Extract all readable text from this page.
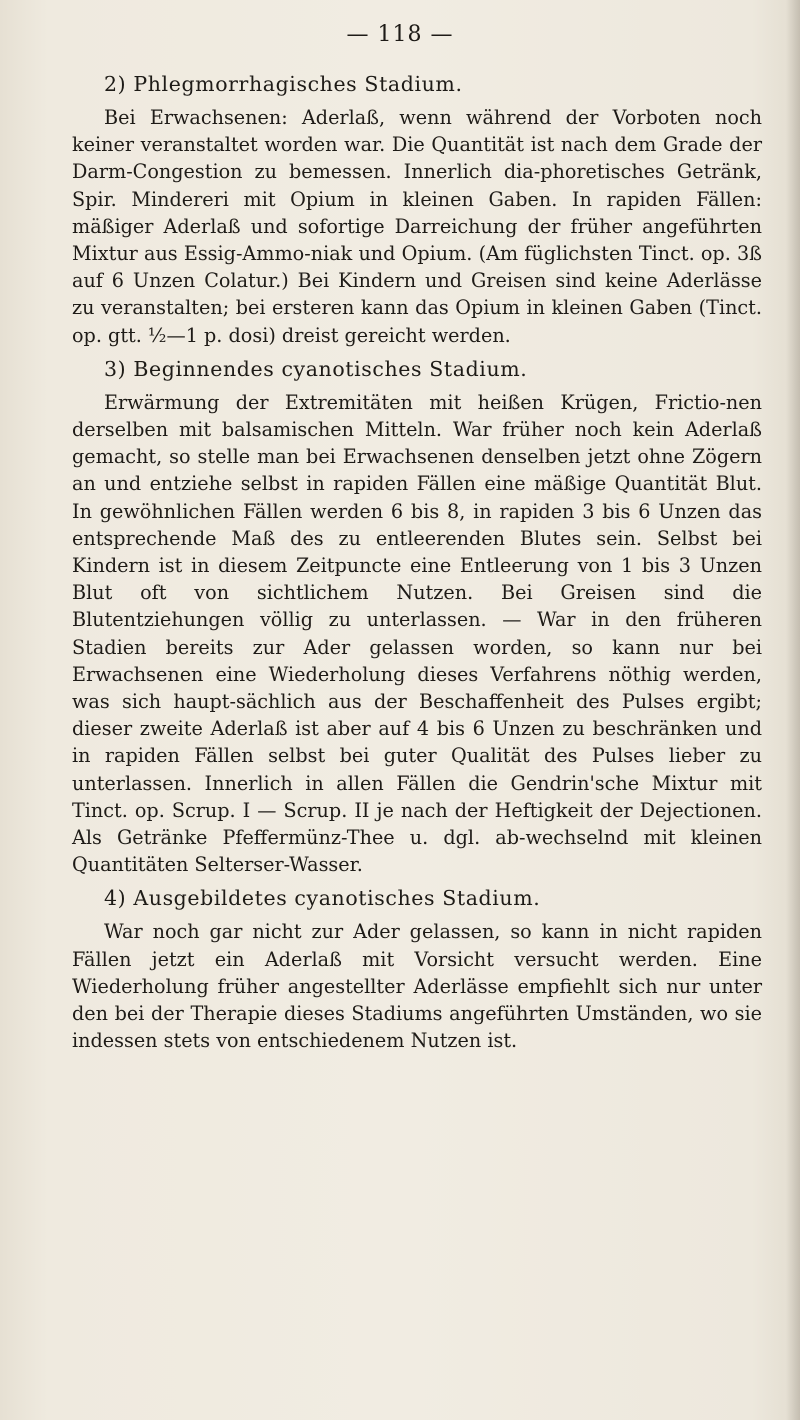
— 118 —
2) Phlegmorrhagisches Stadium.

Bei Erwachsenen: Aderlaß, wenn während der Vorboten noch keiner veranstaltet worden war. Die Quantität ist nach dem Grade der Darm-Congestion zu bemessen. Innerlich dia-phoretisches Getränk, Spir. Mindereri mit Opium in kleinen Gaben. In rapiden Fällen: mäßiger Aderlaß und sofortige Darreichung der früher angeführten Mixtur aus Essig-Ammo-niak und Opium. (Am füglichsten Tinct. op. 3ß auf 6 Unzen Colatur.) Bei Kindern und Greisen sind keine Aderlässe zu veranstalten; bei ersteren kann das Opium in kleinen Gaben (Tinct. op. gtt. ½—1 p. dosi) dreist gereicht werden.

3) Beginnendes cyanotisches Stadium.

Erwärmung der Extremitäten mit heißen Krügen, Frictio-nen derselben mit balsamischen Mitteln. War früher noch kein Aderlaß gemacht, so stelle man bei Erwachsenen denselben jetzt ohne Zögern an und entziehe selbst in rapiden Fällen eine mäßige Quantität Blut. In gewöhnlichen Fällen werden 6 bis 8, in rapiden 3 bis 6 Unzen das entsprechende Maß des zu entleerenden Blutes sein. Selbst bei Kindern ist in diesem Zeitpuncte eine Entleerung von 1 bis 3 Unzen Blut oft von sichtlichem Nutzen. Bei Greisen sind die Blutentziehungen völlig zu unterlassen. — War in den früheren Stadien bereits zur Ader gelassen worden, so kann nur bei Erwachsenen eine Wiederholung dieses Verfahrens nöthig werden, was sich haupt-sächlich aus der Beschaffenheit des Pulses ergibt; dieser zweite Aderlaß ist aber auf 4 bis 6 Unzen zu beschränken und in rapiden Fällen selbst bei guter Qualität des Pulses lieber zu unterlassen. Innerlich in allen Fällen die Gendrin'sche Mixtur mit Tinct. op. Scrup. I — Scrup. II je nach der Heftigkeit der Dejectionen. Als Getränke Pfeffermünz-Thee u. dgl. ab-wechselnd mit kleinen Quantitäten Selterser-Wasser.

4) Ausgebildetes cyanotisches Stadium.

War noch gar nicht zur Ader gelassen, so kann in nicht rapiden Fällen jetzt ein Aderlaß mit Vorsicht versucht werden. Eine Wiederholung früher angestellter Aderlässe empfiehlt sich nur unter den bei der Therapie dieses Stadiums angeführten Umständen, wo sie indessen stets von entschiedenem Nutzen ist.
